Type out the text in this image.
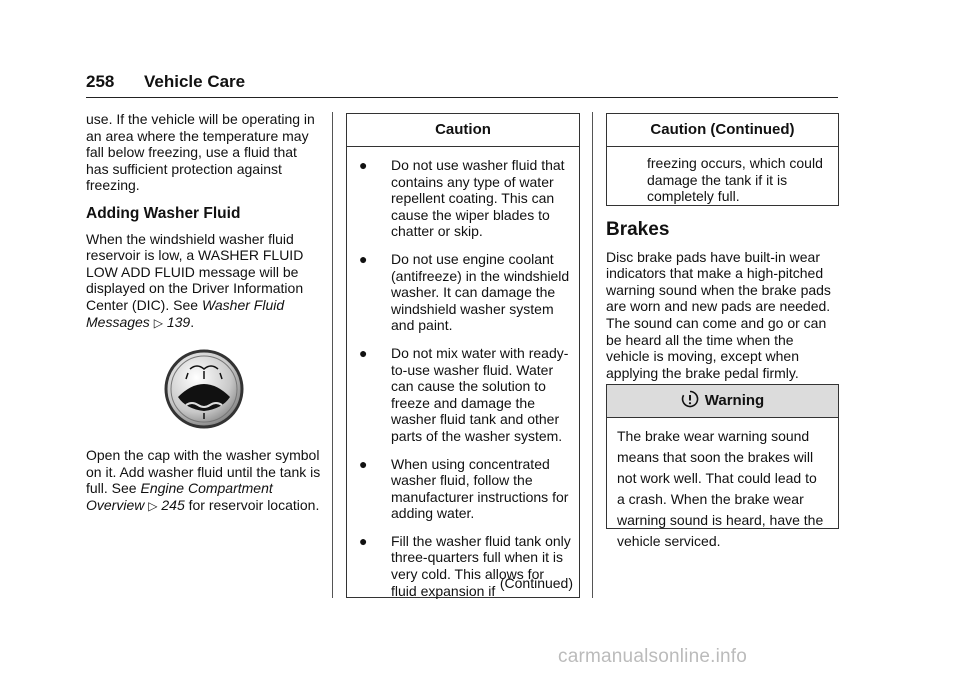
258 Vehicle Care

use. If the vehicle will be operating in an area where the temperature may fall below freezing, use a fluid that has sufficient protection against freezing.

Adding Washer Fluid

When the windshield washer fluid reservoir is low, a WASHER FLUID LOW ADD FLUID message will be displayed on the Driver Information Center (DIC). See Washer Fluid Messages ▷ 139.

Open the cap with the washer symbol on it. Add washer fluid until the tank is full. See Engine Compartment Overview ▷ 245 for reservoir location.

Caution
●	Do not use washer fluid that contains any type of water repellent coating. This can cause the wiper blades to chatter or skip.
●	Do not use engine coolant (antifreeze) in the windshield washer. It can damage the windshield washer system and paint.
●	Do not mix water with ready-to-use washer fluid. Water can cause the solution to freeze and damage the washer fluid tank and other parts of the washer system.
●	When using concentrated washer fluid, follow the manufacturer instructions for adding water.
●	Fill the washer fluid tank only three-quarters full when it is very cold. This allows for fluid expansion if (Continued)
Caution (Continued)
freezing occurs, which could damage the tank if it is completely full.
Brakes

Disc brake pads have built-in wear indicators that make a high-pitched warning sound when the brake pads are worn and new pads are needed. The sound can come and go or can be heard all the time when the vehicle is moving, except when applying the brake pedal firmly.

Warning
The brake wear warning sound means that soon the brakes will not work well. That could lead to a crash. When the brake wear warning sound is heard, have the vehicle serviced.
carmanualsonline.info
